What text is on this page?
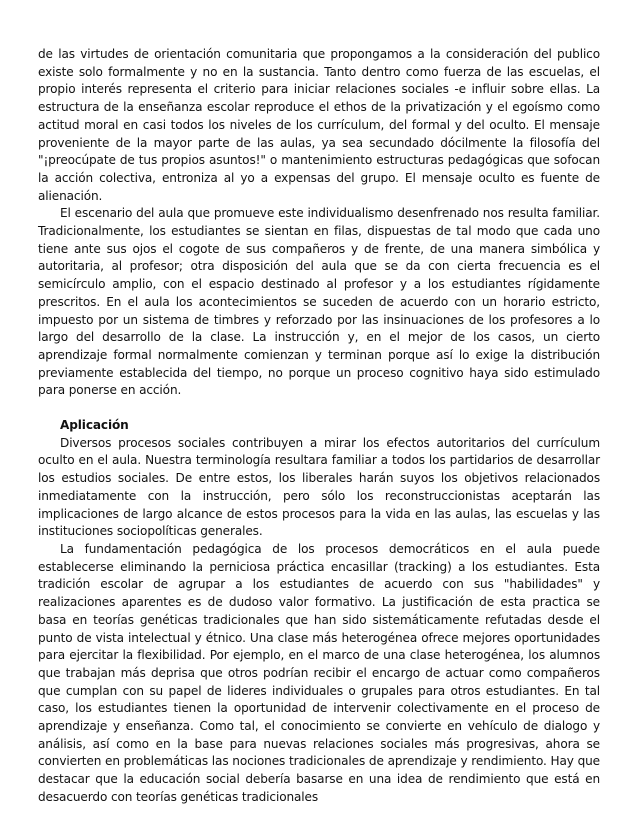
de las virtudes de orientación comunitaria que propongamos a la consideración del publico existe solo formalmente y no en la sustancia. Tanto dentro como fuerza de las escuelas, el propio interés representa el criterio para iniciar relaciones sociales -e influir sobre ellas. La estructura de la enseñanza escolar reproduce el ethos de la privatización y el egoísmo como actitud moral en casi todos los niveles de los currículum, del formal y del oculto. El mensaje proveniente de la mayor parte de las aulas, ya sea secundado dócilmente la filosofía del "¡preocúpate de tus propios asuntos!" o mantenimiento estructuras pedagógicas que sofocan la acción colectiva, entroniza al yo a expensas del grupo. El mensaje oculto es fuente de alienación.

El escenario del aula que promueve este individualismo desenfrenado nos resulta familiar. Tradicionalmente, los estudiantes se sientan en filas, dispuestas de tal modo que cada uno tiene ante sus ojos el cogote de sus compañeros y de frente, de una manera simbólica y autoritaria, al profesor; otra disposición del aula que se da con cierta frecuencia es el semicírculo amplio, con el espacio destinado al profesor y a los estudiantes rígidamente prescritos. En el aula los acontecimientos se suceden de acuerdo con un horario estricto, impuesto por un sistema de timbres y reforzado por las insinuaciones de los profesores a lo largo del desarrollo de la clase. La instrucción y, en el mejor de los casos, un cierto aprendizaje formal normalmente comienzan y terminan porque así lo exige la distribución previamente establecida del tiempo, no porque un proceso cognitivo haya sido estimulado para ponerse en acción.

Aplicación

Diversos procesos sociales contribuyen a mirar los efectos autoritarios del currículum oculto en el aula. Nuestra terminología resultara familiar a todos los partidarios de desarrollar los estudios sociales. De entre estos, los liberales harán suyos los objetivos relacionados inmediatamente con la instrucción, pero sólo los reconstruccionistas aceptarán las implicaciones de largo alcance de estos procesos para la vida en las aulas, las escuelas y las instituciones sociopolíticas generales.

La fundamentación pedagógica de los procesos democráticos en el aula puede establecerse eliminando la perniciosa práctica encasillar (tracking) a los estudiantes. Esta tradición escolar de agrupar a los estudiantes de acuerdo con sus "habilidades" y realizaciones aparentes es de dudoso valor formativo. La justificación de esta practica se basa en teorías genéticas tradicionales que han sido sistemáticamente refutadas desde el punto de vista intelectual y étnico. Una clase más heterogénea ofrece mejores oportunidades para ejercitar la flexibilidad. Por ejemplo, en el marco de una clase heterogénea, los alumnos que trabajan más deprisa que otros podrían recibir el encargo de actuar como compañeros que cumplan con su papel de lideres individuales o grupales para otros estudiantes. En tal caso, los estudiantes tienen la oportunidad de intervenir colectivamente en el proceso de aprendizaje y enseñanza. Como tal, el conocimiento se convierte en vehículo de dialogo y análisis, así como en la base para nuevas relaciones sociales más progresivas, ahora se convierten en problemáticas las nociones tradicionales de aprendizaje y rendimiento. Hay que destacar que la educación social debería basarse en una idea de rendimiento que está en desacuerdo con teorías genéticas tradicionales
